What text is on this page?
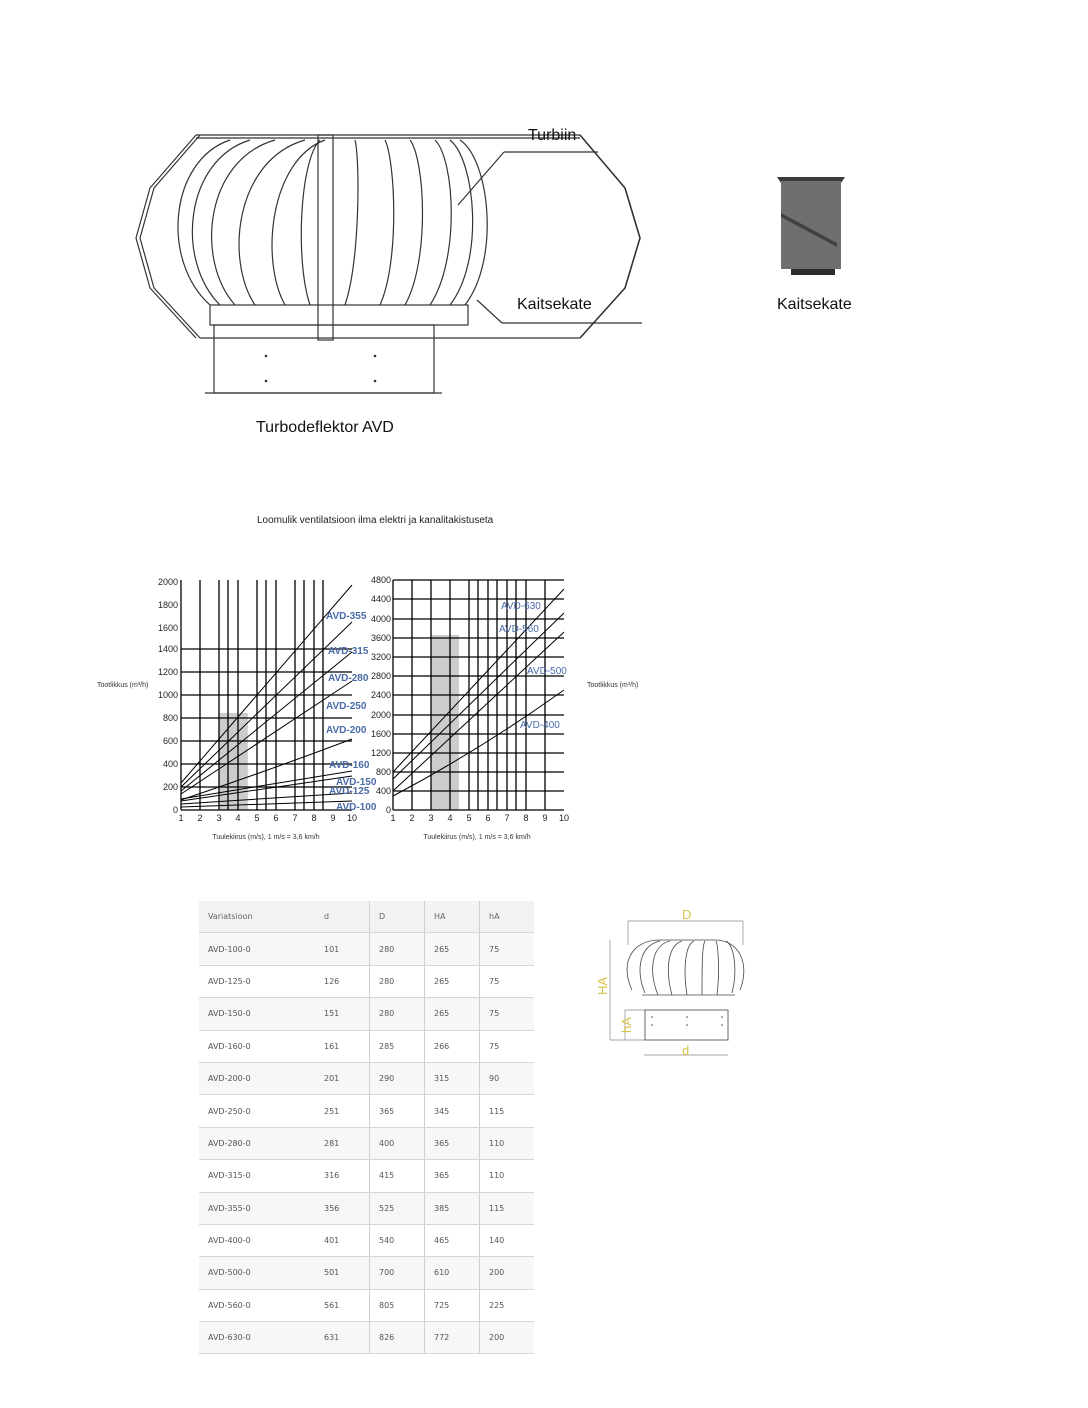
Turbiin
Kaitsekate
Turbodeflektor AVD
Kaitsekate
Loomulik ventilatsioon ilma elektri ja kanalitakistuseta
0
200
400
600
800
1000
1200
1400
1600
1800
2000
1 2 3 4 5 6 7 8 9 10
AVD-355
AVD-315
AVD-280
AVD-250
AVD-200
AVD-160
AVD-150
AVD-125
AVD-100
Tuulekiirus (m/s), 1 m/s = 3,6 km/h
Tootlikkus (m³/h)
0
400
800
1200
1600
2000
2400
2800
3200
3600
4000
4400
4800
1 2 3 4 5 6 7 8 9 10
AVD-630
AVD-560
AVD-500
AVD-400
Tuulekiirus (m/s), 1 m/s = 3,6 km/h
Tootlikkus (m³/h)
Variatsioon	d	D	HA	hA
AVD-100-0	101	280	265	75
AVD-125-0	126	280	265	75
AVD-150-0	151	280	265	75
AVD-160-0	161	285	266	75
AVD-200-0	201	290	315	90
AVD-250-0	251	365	345	115
AVD-280-0	281	400	365	110
AVD-315-0	316	415	365	110
AVD-355-0	356	525	385	115
AVD-400-0	401	540	465	140
AVD-500-0	501	700	610	200
AVD-560-0	561	805	725	225
AVD-630-0	631	826	772	200
D
HA
hA
d
